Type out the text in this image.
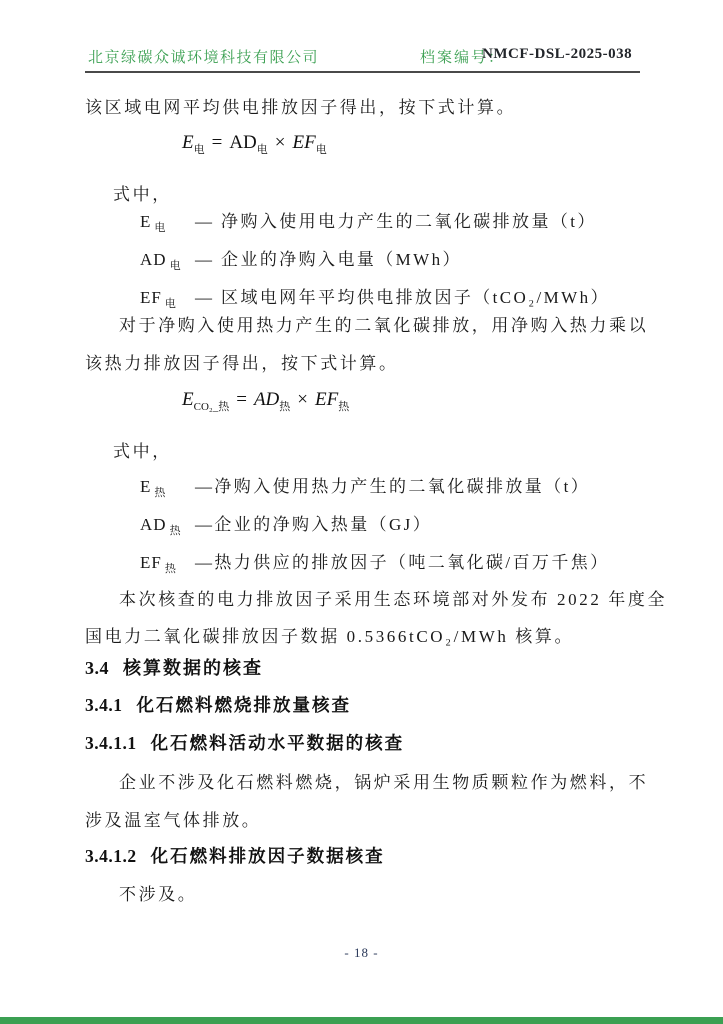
北京绿碳众诚环境科技有限公司	档案编号：
NMCF-DSL-2025-038
该区域电网平均供电排放因子得出，按下式计算。
$E_电 = AD_电 \times EF_电$
式中，
E $_电$ — 净购入使用电力产生的二氧化碳排放量（t）
AD $_电$ — 企业的净购入电量（MWh）
EF $_电$ — 区域电网年平均供电排放因子（tCO₂/MWh）
对于净购入使用热力产生的二氧化碳排放，用净购入热力乘以
该热力排放因子得出，按下式计算。
$E_{CO_2\_热} = AD_热 \times EF_热$
式中，
E $_热$ —净购入使用热力产生的二氧化碳排放量（t）
AD $_热$ —企业的净购入热量（GJ）
EF $_热$ —热力供应的排放因子（吨二氧化碳/百万千焦）
本次核查的电力排放因子采用生态环境部对外发布 2022 年度全
国电力二氧化碳排放因子数据 0.5366tCO₂/MWh 核算。
3.4 核算数据的核查
3.4.1 化石燃料燃烧排放量核查
3.4.1.1 化石燃料活动水平数据的核查
企业不涉及化石燃料燃烧，锅炉采用生物质颗粒作为燃料，不
涉及温室气体排放。
3.4.1.2 化石燃料排放因子数据核查
不涉及。
- 18 -
